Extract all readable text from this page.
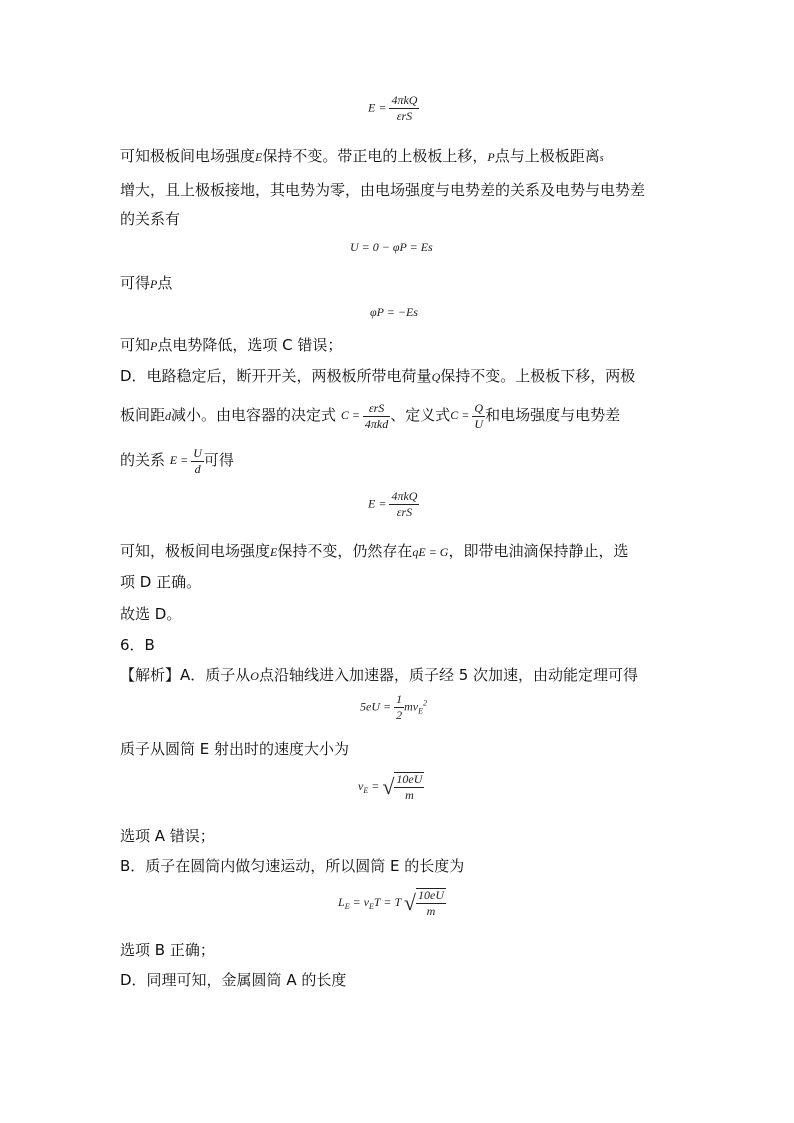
$E = \frac{\text{4πkQ}}{\text{εrS}}$
可知极板间电场强度E保持不变。带正电的上极板上移，P点与上极板距离s
增大，且上极板接地，其电势为零，由电场强度与电势差的关系及电势与电势差
的关系有
U = 0 − φP = Es
可得P点
φP = −Es
可知P点电势降低，选项 C 错误；
D．电路稳定后，断开开关，两极板所带电荷量Q保持不变。上极板下移，两极
板间距d减小。由电容器的决定式 $C = \frac{\text{εrS}}{\text{4πkd}}$ 、定义式$C = \frac{Q}{U}$ 和电场强度与电势差
的关系 $E = \frac{U}{d}$ 可得
$E = \frac{\text{4πkQ}}{\text{εrS}}$
可知，极板间电场强度E保持不变，仍然存在qE = G，即带电油滴保持静止，选
项 D 正确。
故选 D。
6．B
【解析】A．质子从O点沿轴线进入加速器，质子经 5 次加速，由动能定理可得
$5eU = \frac{1}{2} mv_E^2$
质子从圆筒 E 射出时的速度大小为
$v_E$ = √ $\frac{10eU}{m}$
选项 A 错误；
B．质子在圆筒内做匀速运动，所以圆筒 E 的长度为
$L_E = v_ET = T$ √ $\frac{10eU}{m}$
选项 B 正确；
D．同理可知，金属圆筒 A 的长度
